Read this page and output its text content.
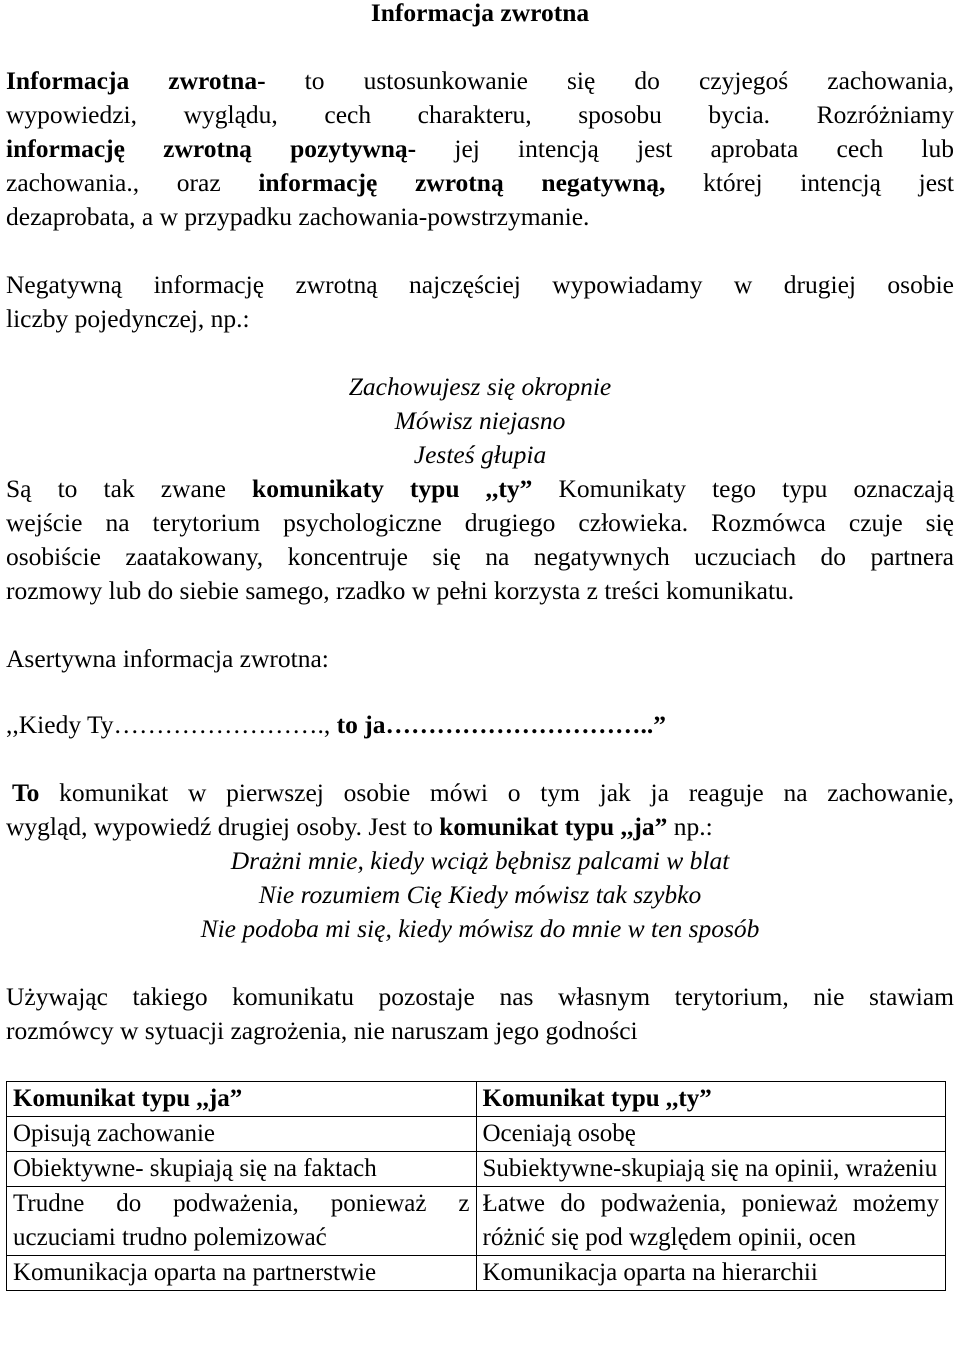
Informacja zwrotna
Informacja zwrotna- to ustosunkowanie się do czyjegoś zachowania,
wypowiedzi, wyglądu, cech charakteru, sposobu bycia. Rozróżniamy
informację zwrotną pozytywną- jej intencją jest aprobata cech lub
zachowania., oraz informację zwrotną negatywną, której intencją jest
dezaprobata, a w przypadku zachowania-powstrzymanie.
Negatywną informację zwrotną najczęściej wypowiadamy w drugiej osobie
liczby pojedynczej, np.:
Zachowujesz się okropnie
Mówisz niejasno
Jesteś głupia
Są to tak zwane komunikaty typu ,,ty” Komunikaty tego typu oznaczają
wejście na terytorium psychologiczne drugiego człowieka. Rozmówca czuje się
osobiście zaatakowany, koncentruje się na negatywnych uczuciach do partnera
rozmowy lub do siebie samego, rzadko w pełni korzysta z treści komunikatu.
Asertywna informacja zwrotna:
,,Kiedy Ty……………………., to ja…………………………..”
To komunikat w pierwszej osobie mówi o tym jak ja reaguje na zachowanie,
wygląd, wypowiedź drugiej osoby. Jest to komunikat typu ,,ja” np.:
Drażni mnie, kiedy wciąż bębnisz palcami w blat
Nie rozumiem Cię Kiedy mówisz tak szybko
Nie podoba mi się, kiedy mówisz do mnie w ten sposób
Używając takiego komunikatu pozostaje nas własnym terytorium, nie stawiam
rozmówcy w sytuacji zagrożenia, nie naruszam jego godności
Komunikat typu ,,ja”	Komunikat typu ,,ty”
Opisują zachowanie	Oceniają osobę
Obiektywne- skupiają się na faktach	Subiektywne-skupiają się na opinii, wrażeniu
Trudne do podważenia, ponieważ z uczuciami trudno polemizować	Łatwe do podważenia, ponieważ możemy różnić się pod względem opinii, ocen
Komunikacja oparta na partnerstwie	Komunikacja oparta na hierarchii
